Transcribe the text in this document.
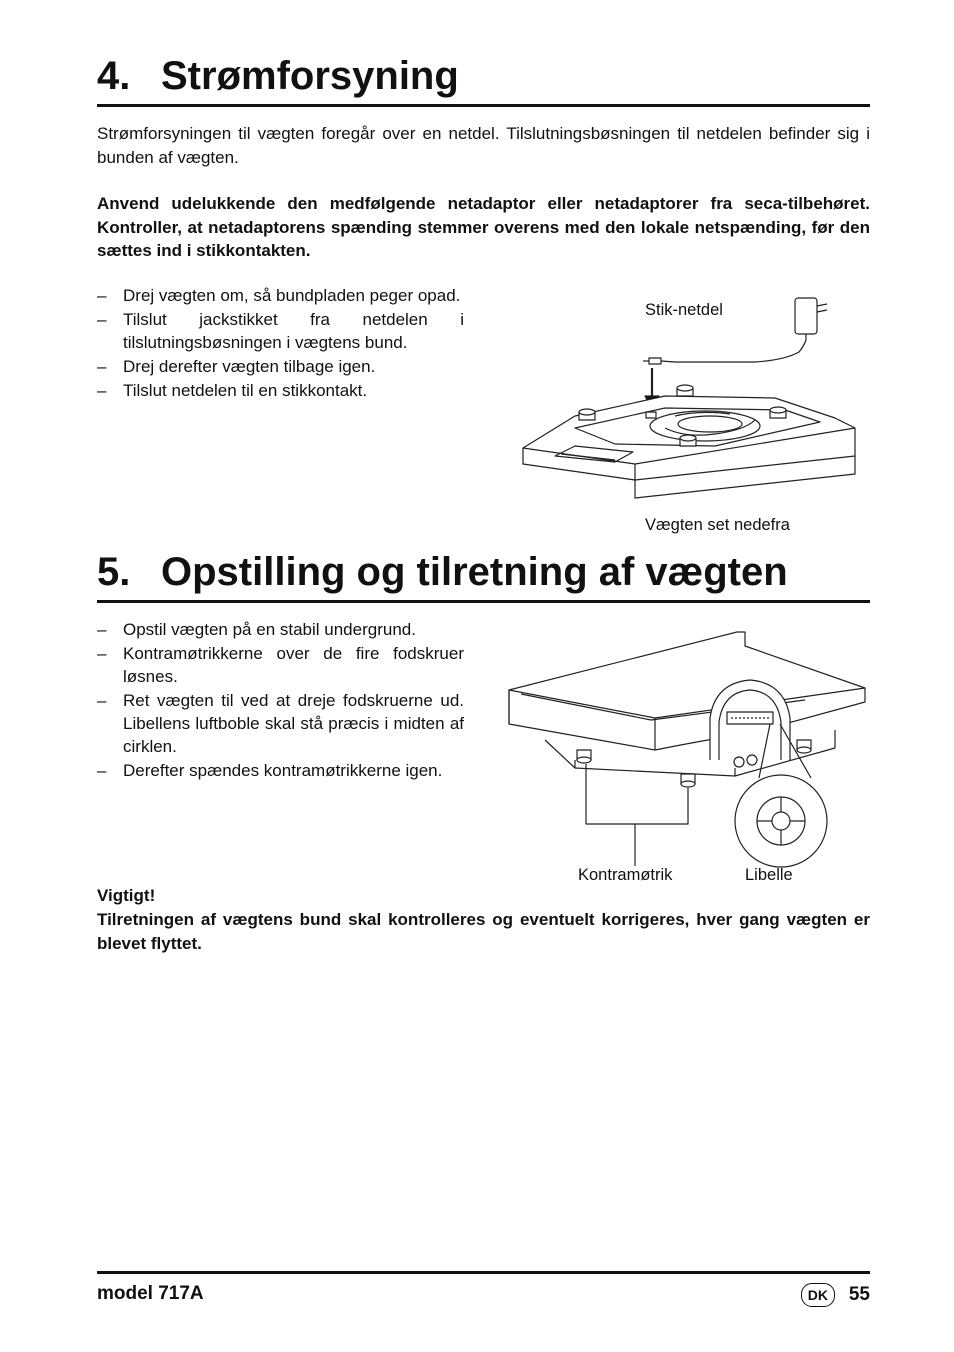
4. Strømforsyning
Strømforsyningen til vægten foregår over en netdel. Tilslutningsbøsningen til netdelen befinder sig i bunden af vægten.
Anvend udelukkende den medfølgende netadaptor eller netadaptorer fra seca-tilbehøret. Kontroller, at netadaptorens spænding stemmer overens med den lokale netspænding, før den sættes ind i stikkontakten.
– Drej vægten om, så bundpladen peger opad.
– Tilslut jackstikket fra netdelen i tilslutningsbøsningen i vægtens bund.
– Drej derefter vægten tilbage igen.
– Tilslut netdelen til en stikkontakt.
Stik-netdel
Vægten set nedefra
5. Opstilling og tilretning af vægten
– Opstil vægten på en stabil undergrund.
– Kontramøtrikkerne over de fire fodskruer løsnes.
– Ret vægten til ved at dreje fodskruerne ud. Libellens luftboble skal stå præcis i midten af cirklen.
– Derefter spændes kontramøtrikkerne igen.
Kontramøtrik	Libelle
Vigtigt!
Tilretningen af vægtens bund skal kontrolleres og eventuelt korrigeres, hver gang vægten er blevet flyttet.
model 717A	DK	55
